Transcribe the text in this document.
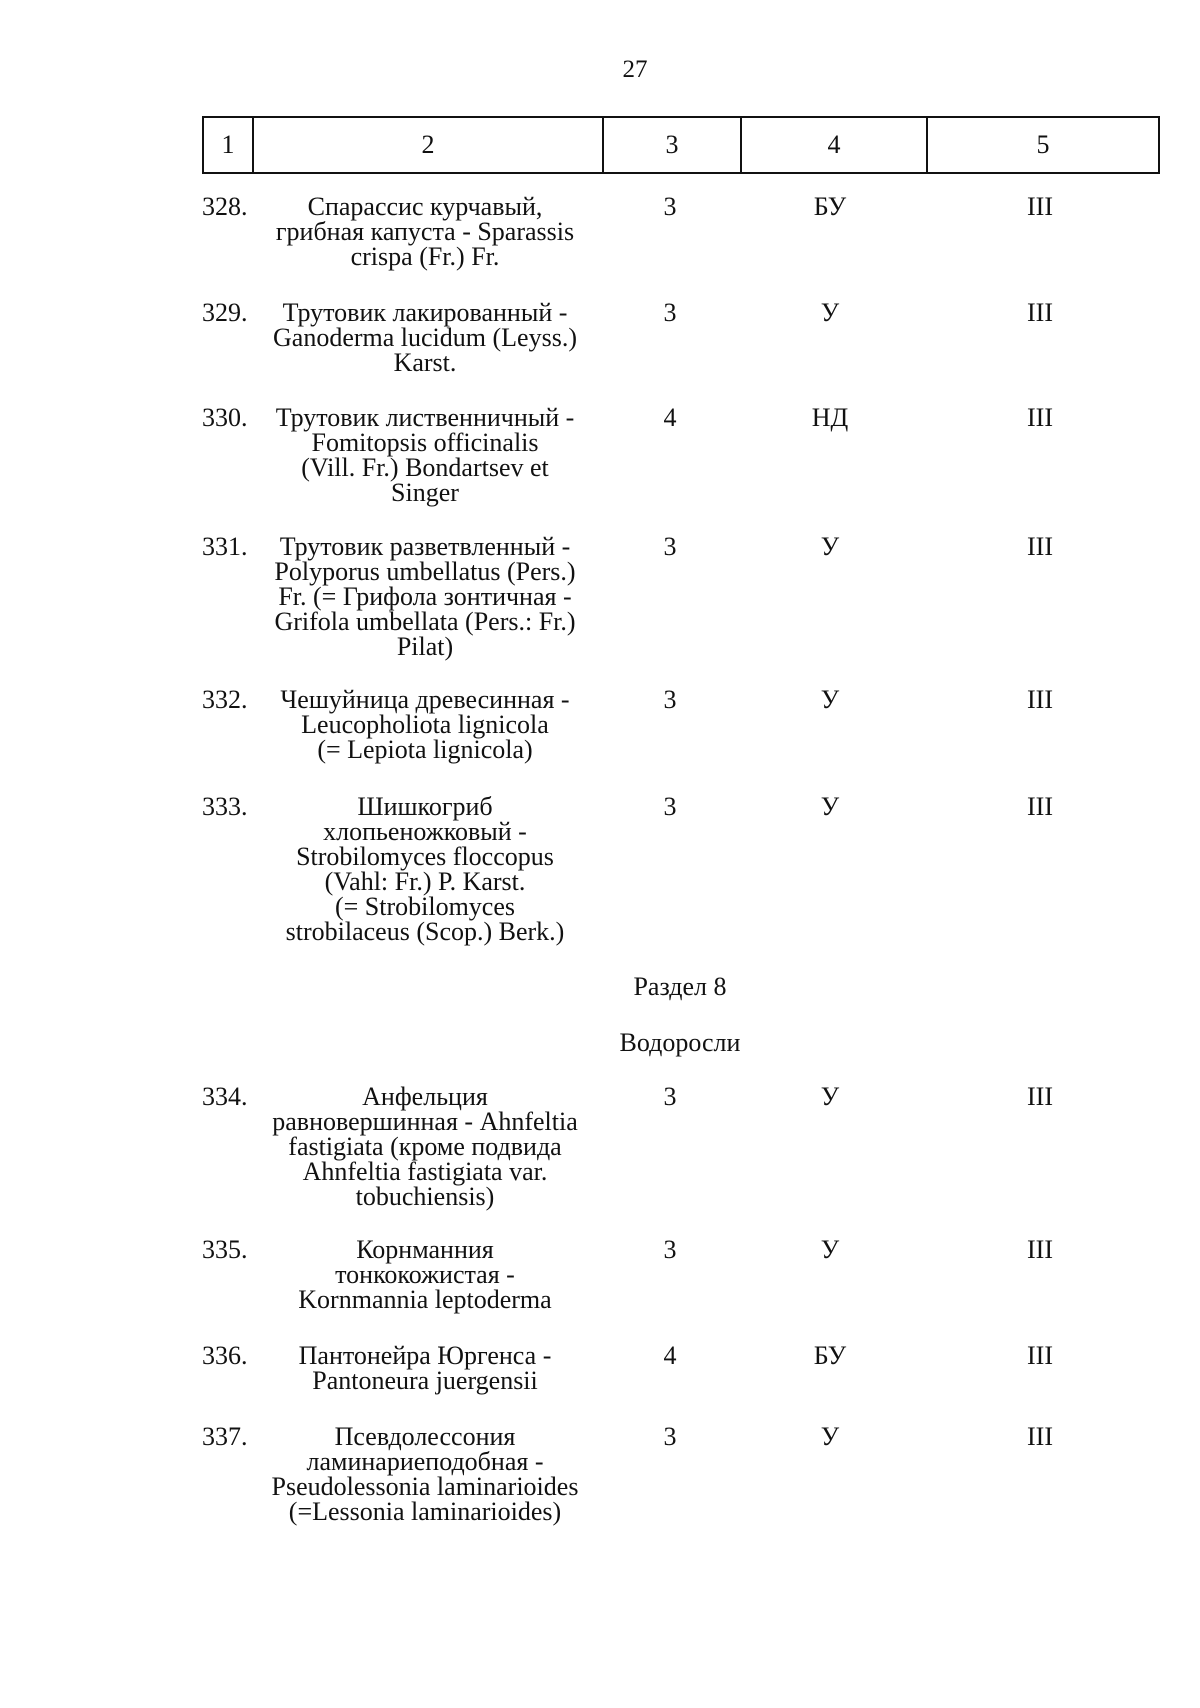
27
1	2	3	4	5
328.	Спарассис курчавый,
грибная капуста - Sparassis
crispa (Fr.) Fr.
3	БУ	III
329.	Трутовик лакированный -
Ganoderma lucidum (Leyss.)
Karst.
3	У	III
330.	Трутовик лиственничный -
Fomitopsis officinalis
(Vill. Fr.) Bondartsev et
Singer
4	НД	III
331.	Трутовик разветвленный -
Polyporus umbellatus (Pers.)
Fr. (= Грифола зонтичная -
Grifola umbellata (Pers.: Fr.)
Pilat)
3	У	III
332.	Чешуйница древесинная -
Leucopholiota lignicola
(= Lepiota lignicola)
3	У	III
333.	Шишкогриб
хлопьеножковый -
Strobilomyces floccopus
(Vahl: Fr.) P. Karst.
(= Strobilomyces
strobilaceus (Scop.) Berk.)
3	У	III
334.	Анфельция
равновершинная - Ahnfeltia
fastigiata (кроме подвида
Ahnfeltia fastigiata var.
tobuchiensis)
3	У	III
335.	Корнманния
тонкокожистая -
Kornmannia leptoderma
3	У	III
336.	Пантонейра Юргенса -
Pantoneura juergensii
4	БУ	III
337.	Псевдолессония
ламинариеподобная -
Pseudolessonia laminarioides
(=Lessonia laminarioides)
3	У	III
Раздел 8
Водоросли
